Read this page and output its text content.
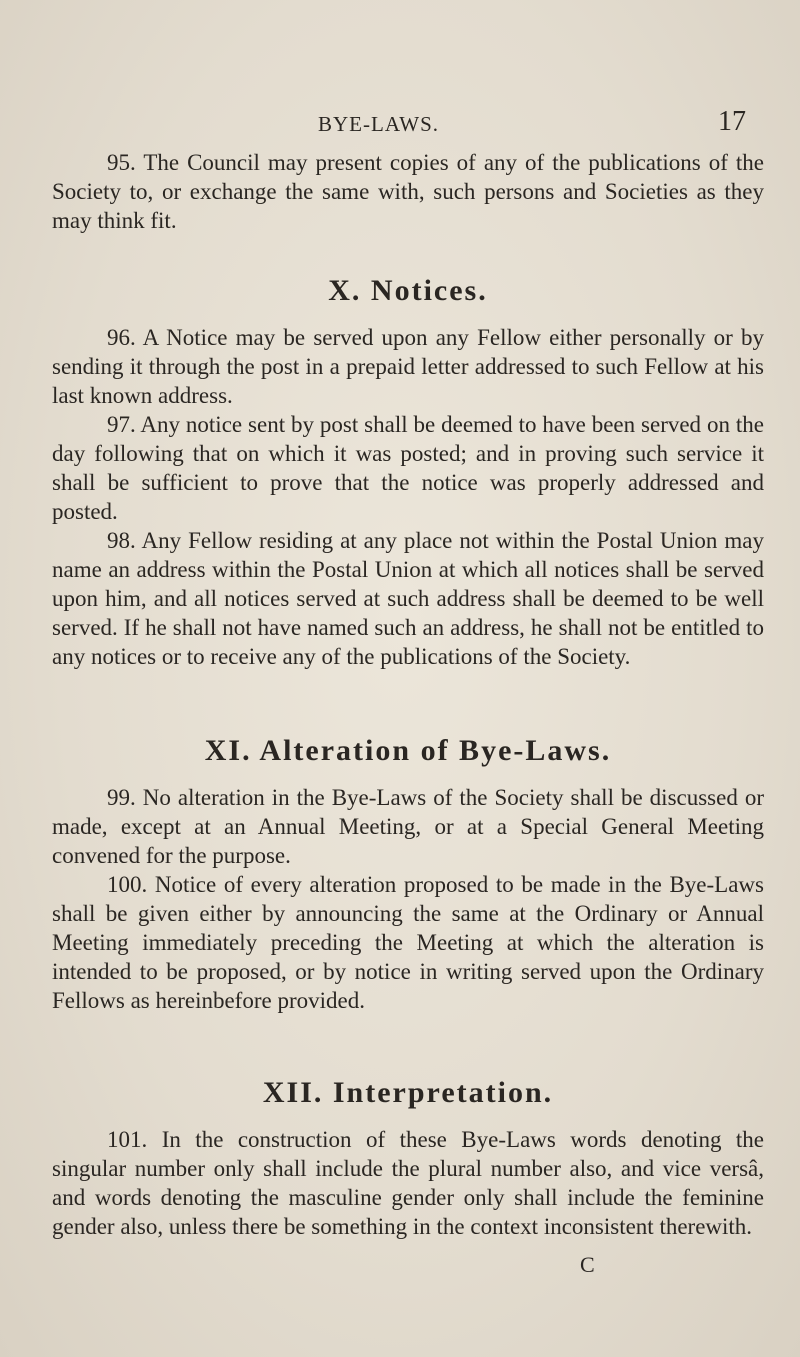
BYE-LAWS.	17

95. The Council may present copies of any of the publications of the Society to, or exchange the same with, such persons and Societies as they may think fit.

X. Notices.

96. A Notice may be served upon any Fellow either personally or by sending it through the post in a prepaid letter addressed to such Fellow at his last known address.

97. Any notice sent by post shall be deemed to have been served on the day following that on which it was posted; and in proving such service it shall be sufficient to prove that the notice was properly addressed and posted.

98. Any Fellow residing at any place not within the Postal Union may name an address within the Postal Union at which all notices shall be served upon him, and all notices served at such address shall be deemed to be well served. If he shall not have named such an address, he shall not be entitled to any notices or to receive any of the publications of the Society.

XI. Alteration of Bye-Laws.

99. No alteration in the Bye-Laws of the Society shall be discussed or made, except at an Annual Meeting, or at a Special General Meeting convened for the purpose.

100. Notice of every alteration proposed to be made in the Bye-Laws shall be given either by announcing the same at the Ordinary or Annual Meeting immediately preceding the Meeting at which the alteration is intended to be proposed, or by notice in writing served upon the Ordinary Fellows as hereinbefore provided.

XII. Interpretation.

101. In the construction of these Bye-Laws words denoting the singular number only shall include the plural number also, and vice versâ, and words denoting the masculine gender only shall include the feminine gender also, unless there be something in the context inconsistent therewith.

C
